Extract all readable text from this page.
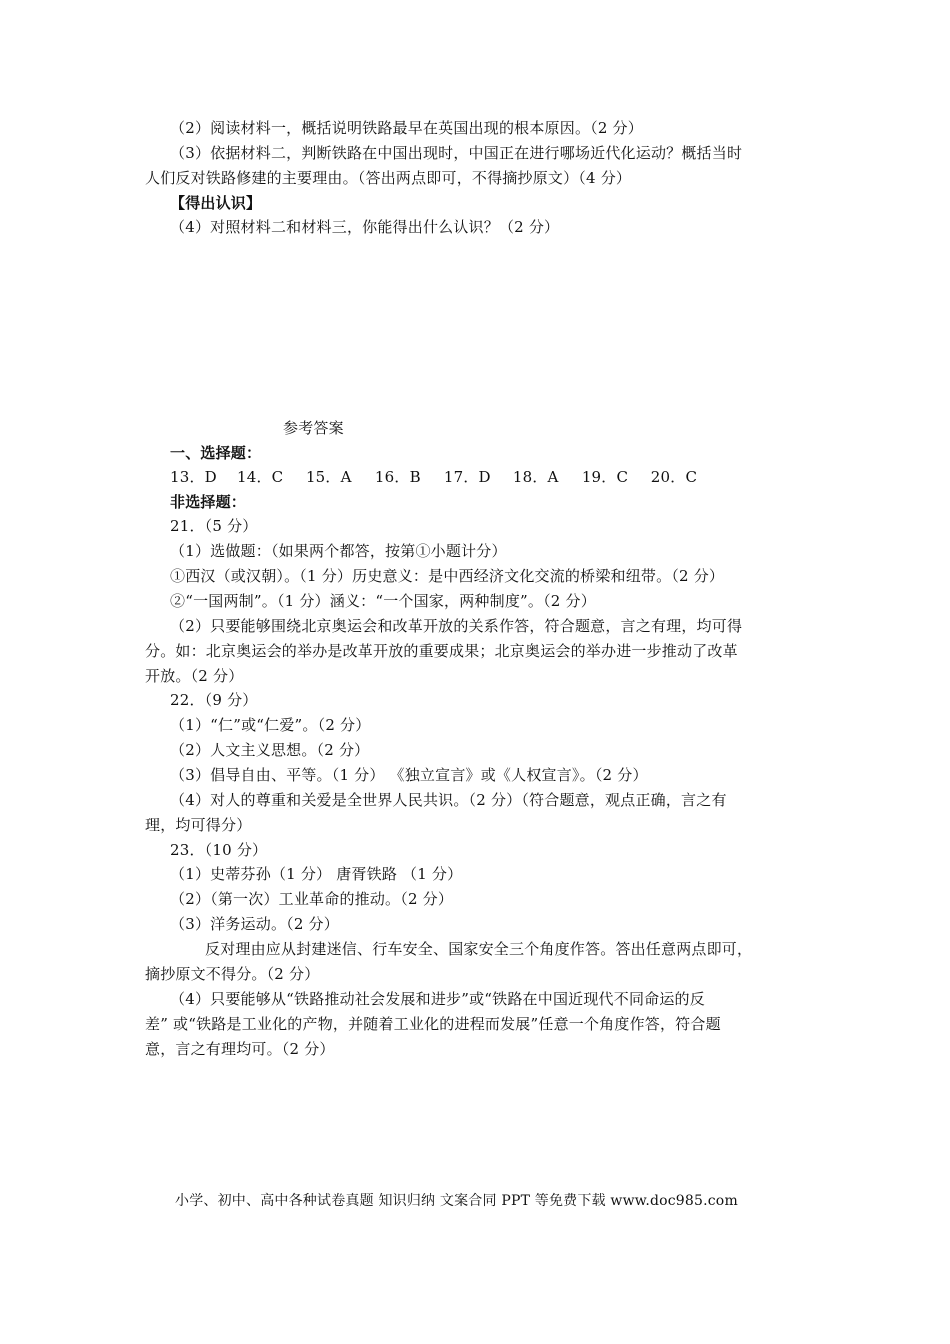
（2）阅读材料一，概括说明铁路最早在英国出现的根本原因。（2 分）
（3）依据材料二，判断铁路在中国出现时，中国正在进行哪场近代化运动？概括当时
人们反对铁路修建的主要理由。（答出两点即可，不得摘抄原文）（4 分）
【得出认识】
（4）对照材料二和材料三，你能得出什么认识？（2 分）
参考答案
一、选择题：
13．D 14．C 15．A 16．B 17．D 18．A 19．C 20．C
非选择题：
21．（5 分）
（1）选做题：（如果两个都答，按第①小题计分）
①西汉（或汉朝）。（1 分）历史意义：是中西经济文化交流的桥梁和纽带。（2 分）
②“一国两制”。（1 分）涵义：“一个国家，两种制度”。（2 分）
（2）只要能够围绕北京奥运会和改革开放的关系作答，符合题意，言之有理，均可得
分。如：北京奥运会的举办是改革开放的重要成果；北京奥运会的举办进一步推动了改革
开放。（2 分）
22．（9 分）
（1）“仁”或“仁爱”。（2 分）
（2）人文主义思想。（2 分）
（3）倡导自由、平等。（1 分） 《独立宣言》或《人权宣言》。（2 分）
（4）对人的尊重和关爱是全世界人民共识。（2 分）（符合题意，观点正确，言之有
理，均可得分）
23．（10 分）
（1）史蒂芬孙（1 分） 唐胥铁路 （1 分）
（2）（第一次）工业革命的推动。（2 分）
（3）洋务运动。（2 分）
反对理由应从封建迷信、行车安全、国家安全三个角度作答。答出任意两点即可，
摘抄原文不得分。（2 分）
（4）只要能够从“铁路推动社会发展和进步”或“铁路在中国近现代不同命运的反
差” 或“铁路是工业化的产物，并随着工业化的进程而发展”任意一个角度作答，符合题
意，言之有理均可。（2 分）
小学、初中、高中各种试卷真题 知识归纳 文案合同 PPT 等免费下载 www.doc985.com
